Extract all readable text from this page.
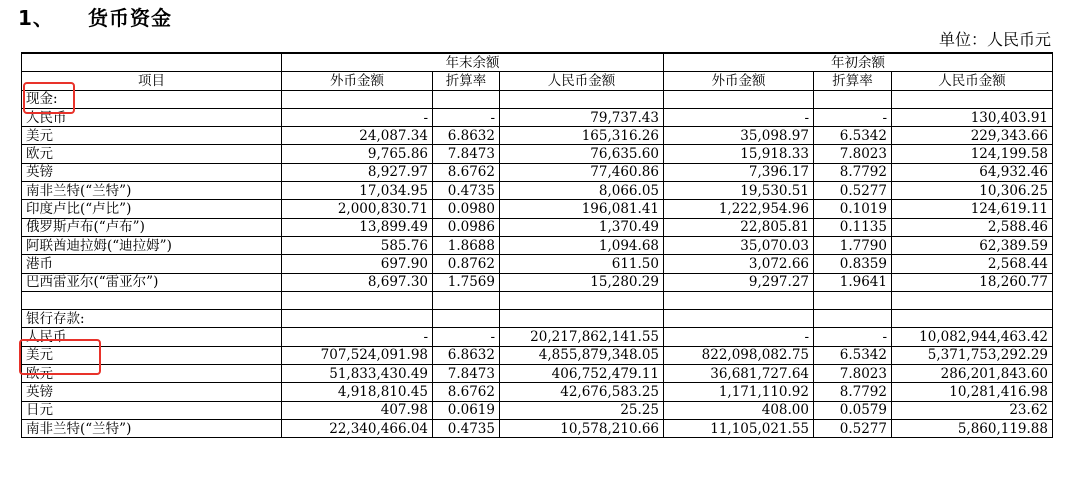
1、 货币资金
单位：人民币元
	年末余额			年初余额		
项目	外币金额	折算率	人民币金额	外币金额	折算率	人民币金额
现金:						
人民币	-	-	79,737.43	-	-	130,403.91
美元	24,087.34	6.8632	165,316.26	35,098.97	6.5342	229,343.66
欧元	9,765.86	7.8473	76,635.60	15,918.33	7.8023	124,199.58
英镑	8,927.97	8.6762	77,460.86	7,396.17	8.7792	64,932.46
南非兰特(“兰特”)	17,034.95	0.4735	8,066.05	19,530.51	0.5277	10,306.25
印度卢比(“卢比”)	2,000,830.71	0.0980	196,081.41	1,222,954.96	0.1019	124,619.11
俄罗斯卢布(“卢布”)	13,899.49	0.0986	1,370.49	22,805.81	0.1135	2,588.46
阿联酋迪拉姆(“迪拉姆”)	585.76	1.8688	1,094.68	35,070.03	1.7790	62,389.59
港币	697.90	0.8762	611.50	3,072.66	0.8359	2,568.44
巴西雷亚尔(“雷亚尔”)	8,697.30	1.7569	15,280.29	9,297.27	1.9641	18,260.77

银行存款:						
人民币	-	-	20,217,862,141.55	-	-	10,082,944,463.42
美元	707,524,091.98	6.8632	4,855,879,348.05	822,098,082.75	6.5342	5,371,753,292.29
欧元	51,833,430.49	7.8473	406,752,479.11	36,681,727.64	7.8023	286,201,843.60
英镑	4,918,810.45	8.6762	42,676,583.25	1,171,110.92	8.7792	10,281,416.98
日元	407.98	0.0619	25.25	408.00	0.0579	23.62
南非兰特(“兰特”)	22,340,466.04	0.4735	10,578,210.66	11,105,021.55	0.5277	5,860,119.88
